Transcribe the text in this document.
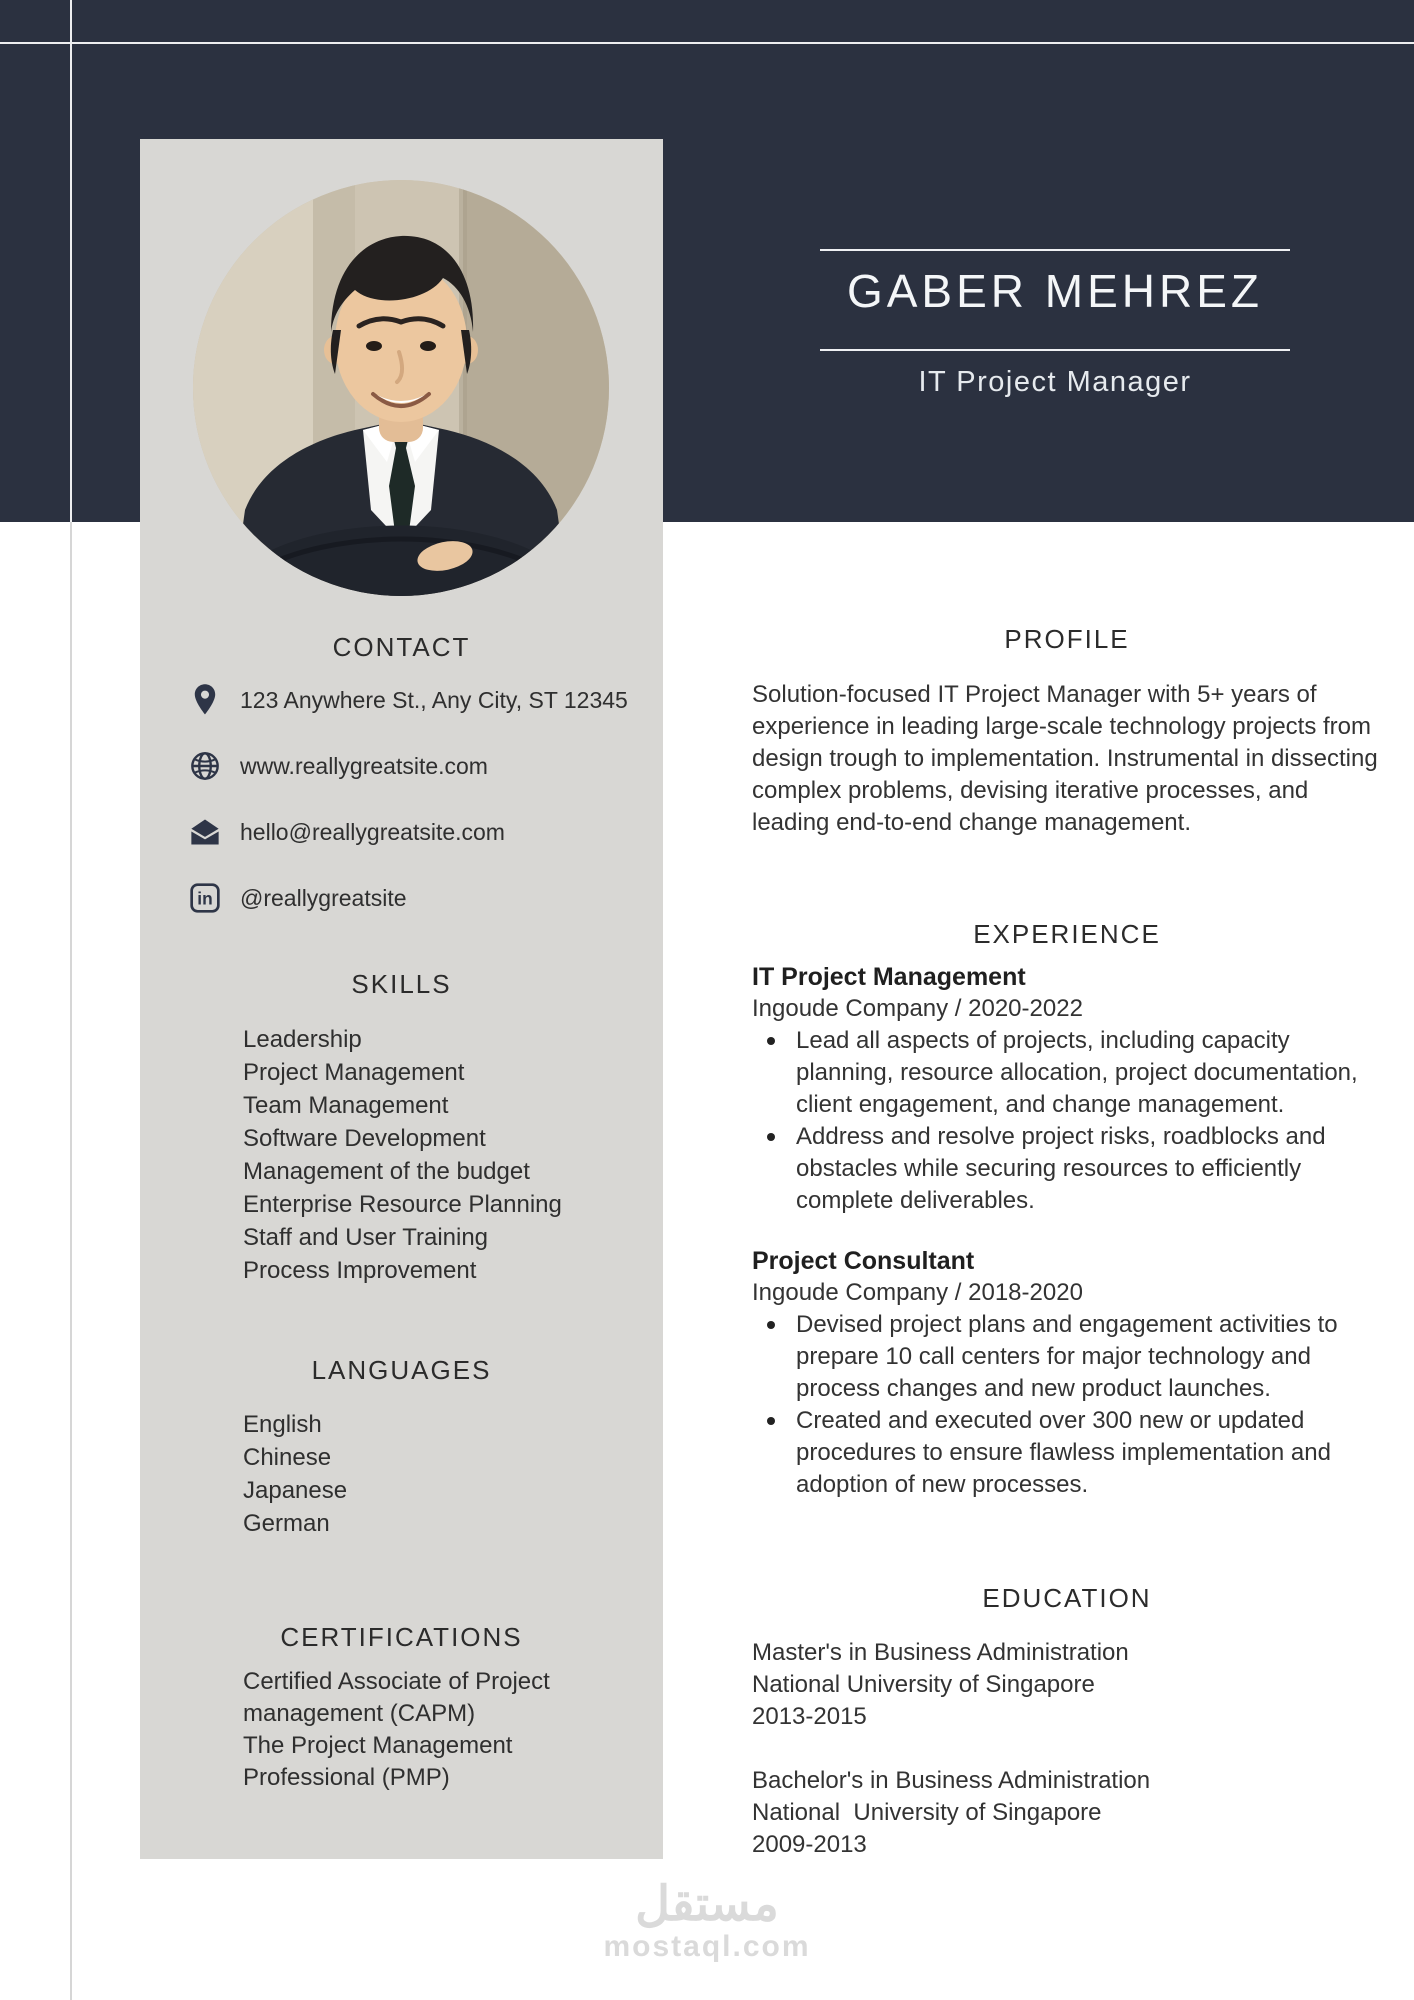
GABER MEHREZ
IT Project Manager
CONTACT
123 Anywhere St., Any City, ST 12345
www.reallygreatsite.com
hello@reallygreatsite.com
in @reallygreatsite
SKILLS
Leadership
Project Management
Team Management
Software Development
Management of the budget
Enterprise Resource Planning
Staff and User Training
Process Improvement
LANGUAGES
English
Chinese
Japanese
German
CERTIFICATIONS
Certified Associate of Project
management (CAPM)
The Project Management
Professional (PMP)
PROFILE
Solution-focused IT Project Manager with 5+ years of experience in leading large-scale technology projects from design trough to implementation. Instrumental in dissecting complex problems, devising iterative processes, and leading end-to-end change management.
EXPERIENCE
IT Project Management
Ingoude Company / 2020-2022
Lead all aspects of projects, including capacity planning, resource allocation, project documentation, client engagement, and change management.
Address and resolve project risks, roadblocks and obstacles while securing resources to efficiently complete deliverables.
Project Consultant
Ingoude Company / 2018-2020
Devised project plans and engagement activities to prepare 10 call centers for major technology and process changes and new product launches.
Created and executed over 300 new or updated procedures to ensure flawless implementation and adoption of new processes.
EDUCATION
Master's in Business Administration
National University of Singapore
2013-2015
Bachelor's in Business Administration
National  University of Singapore
2009-2013
مستقل
mostaql.com
